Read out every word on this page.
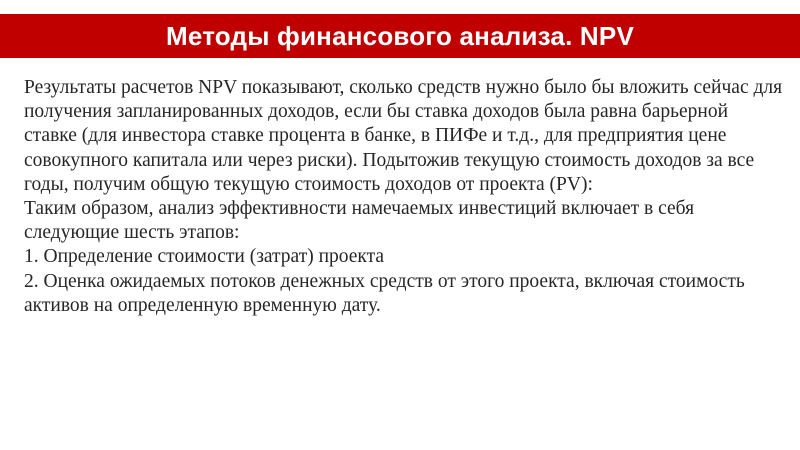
Методы финансового анализа. NPV

Результаты расчетов NPV показывают, сколько средств нужно было бы вложить сейчас для получения запланированных доходов, если бы ставка доходов была равна барьерной ставке (для инвестора ставке процента в банке, в ПИФе и т.д., для предприятия цене совокупного капитала или через риски). Подытожив текущую стоимость доходов за все годы, получим общую текущую стоимость доходов от проекта (PV):

Таким образом, анализ эффективности намечаемых инвестиций включает в себя следующие шесть этапов:

1. Определение стоимости (затрат) проекта

2. Оценка ожидаемых потоков денежных средств от этого проекта, включая стоимость активов на определенную временную дату.
